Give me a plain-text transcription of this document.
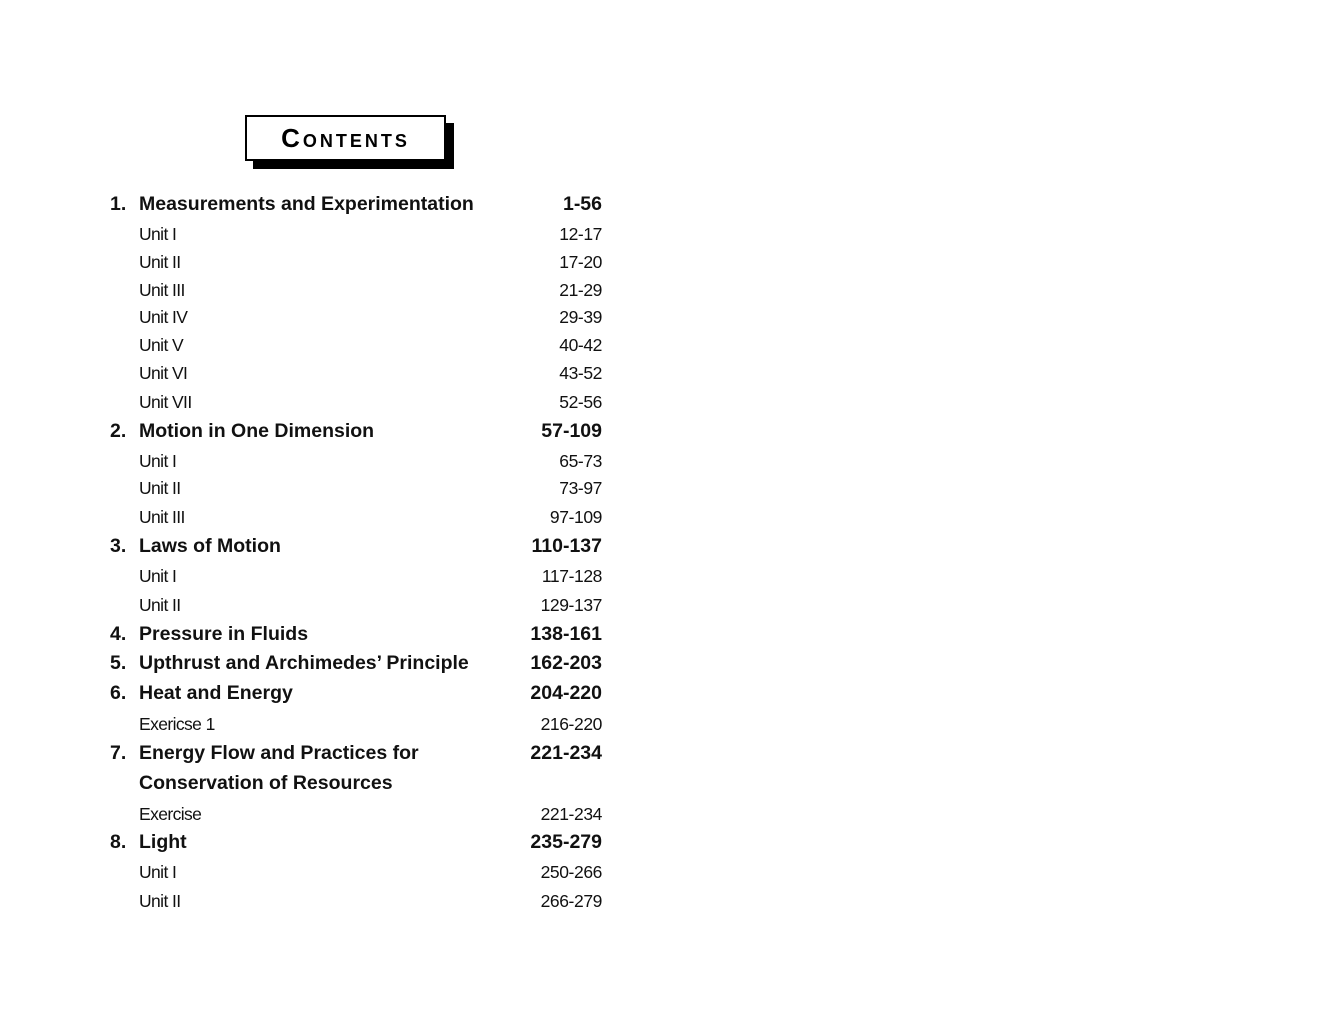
Contents
1. Measurements and Experimentation	1-56
Unit I	12-17
Unit II	17-20
Unit III	21-29
Unit IV	29-39
Unit V	40-42
Unit VI	43-52
Unit VII	52-56
2. Motion in One Dimension	57-109
Unit I	65-73
Unit II	73-97
Unit III	97-109
3. Laws of Motion	110-137
Unit I	117-128
Unit II	129-137
4. Pressure in Fluids	138-161
5. Upthrust and Archimedes’ Principle	162-203
6. Heat and Energy	204-220
Exericse 1	216-220
7. Energy Flow and Practices for	221-234
Conservation of Resources
Exercise	221-234
8. Light	235-279
Unit I	250-266
Unit II	266-279
